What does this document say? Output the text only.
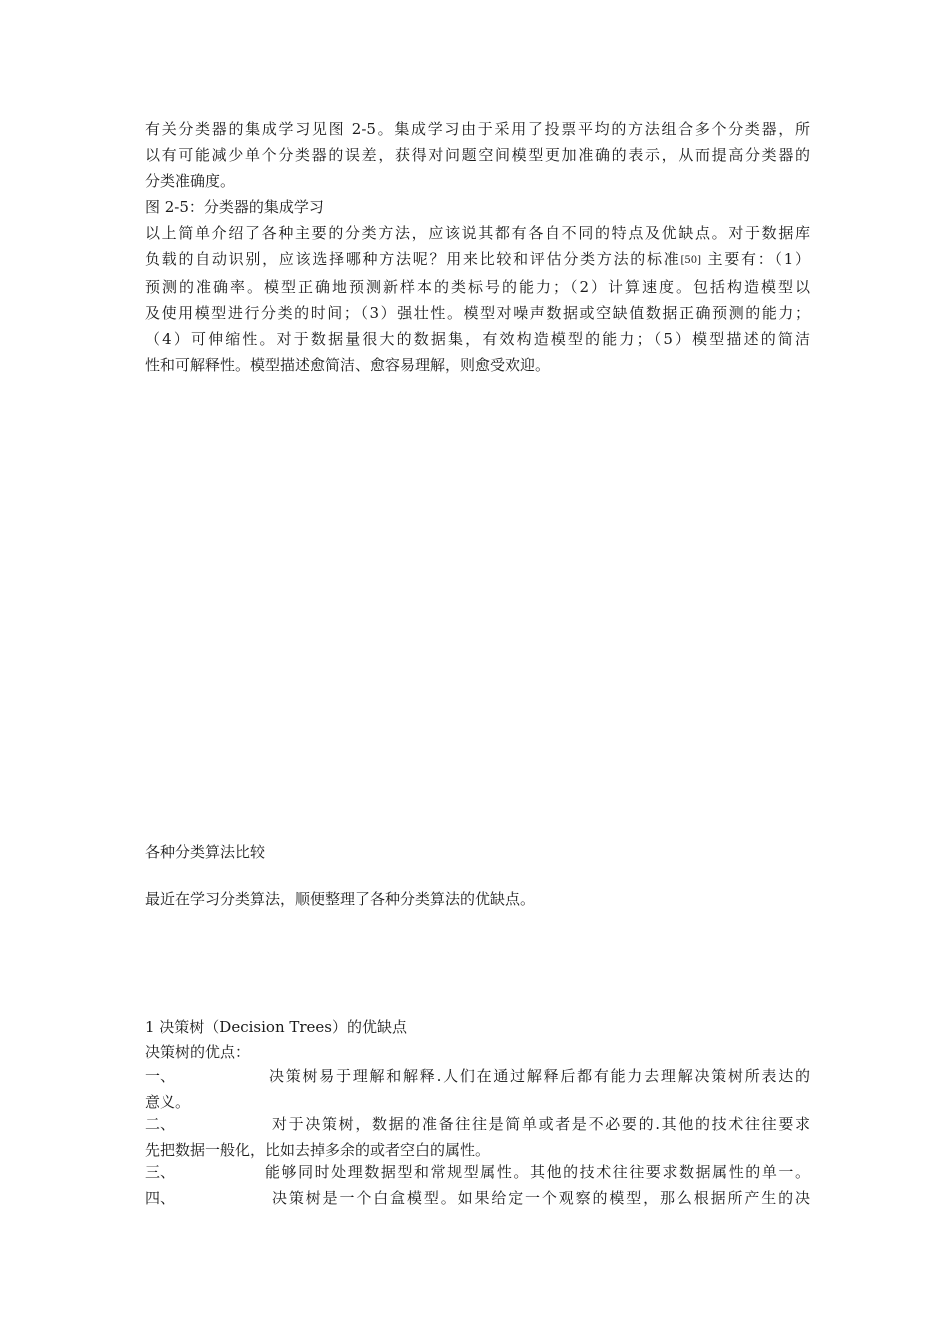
有关分类器的集成学习见图 2-5。集成学习由于采用了投票平均的方法组合多个分类器，所
以有可能减少单个分类器的误差，获得对问题空间模型更加准确的表示，从而提高分类器的
分类准确度。
图 2-5：分类器的集成学习
以上简单介绍了各种主要的分类方法，应该说其都有各自不同的特点及优缺点。对于数据库
负载的自动识别，应该选择哪种方法呢？用来比较和评估分类方法的标准[50] 主要有：（1）
预测的准确率。模型正确地预测新样本的类标号的能力；（2）计算速度。包括构造模型以
及使用模型进行分类的时间；（3）强壮性。模型对噪声数据或空缺值数据正确预测的能力；
（4）可伸缩性。对于数据量很大的数据集，有效构造模型的能力；（5）模型描述的简洁
性和可解释性。模型描述愈简洁、愈容易理解，则愈受欢迎。
各种分类算法比较
最近在学习分类算法，顺便整理了各种分类算法的优缺点。
1 决策树（Decision Trees）的优缺点
决策树的优点：
一、	决策树易于理解和解释.人们在通过解释后都有能力去理解决策树所表达的
意义。
二、	对于决策树，数据的准备往往是简单或者是不必要的.其他的技术往往要求
先把数据一般化，比如去掉多余的或者空白的属性。
三、	能够同时处理数据型和常规型属性。其他的技术往往要求数据属性的单一。
四、	决策树是一个白盒模型。如果给定一个观察的模型，那么根据所产生的决
